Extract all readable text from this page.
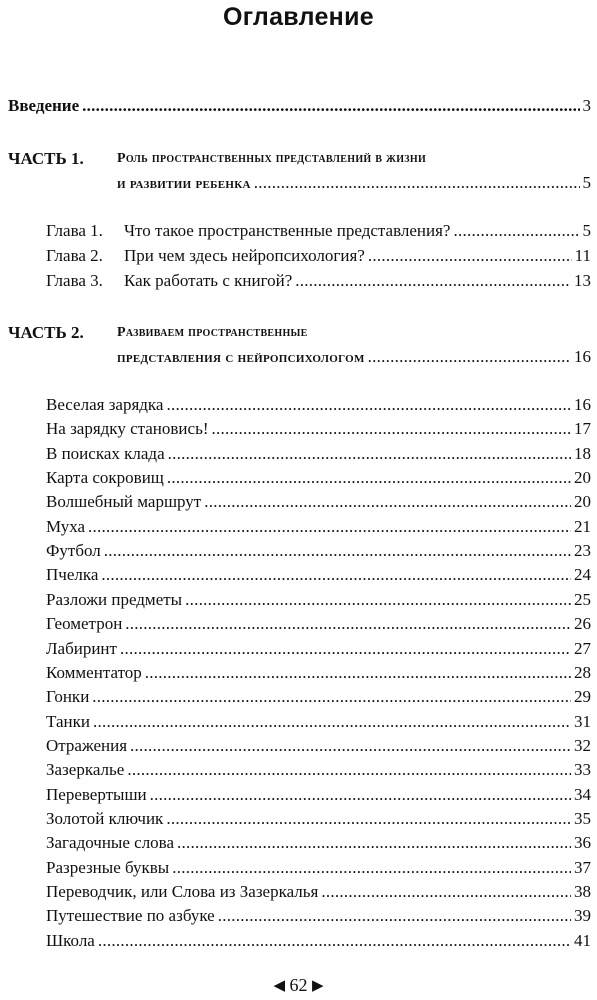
Оглавление
Введение . . .	3
ЧАСТЬ 1. Роль пространственных представлений в жизни
и развитии ребенка . . .	5
Глава 1. Что такое пространственные представления? . . .	5
Глава 2. При чем здесь нейропсихология? . . .	11
Глава 3. Как работать с книгой? . . .	13
ЧАСТЬ 2. Развиваем пространственные
представления с нейропсихологом . . .	16
Веселая зарядка . . .	16
На зарядку становись! . . .	17
В поисках клада . . .	18
Карта сокровищ . . .	20
Волшебный маршрут . . .	20
Муха . . .	21
Футбол . . .	23
Пчелка . . .	24
Разложи предметы . . .	25
Геометрон . . .	26
Лабиринт . . .	27
Комментатор . . .	28
Гонки . . .	29
Танки . . .	31
Отражения . . .	32
Зазеркалье . . .	33
Перевертыши . . .	34
Золотой ключик . . .	35
Загадочные слова . . .	36
Разрезные буквы . . .	37
Переводчик, или Слова из Зазеркалья . . .	38
Путешествие по азбуке . . .	39
Школа . . .	41
◀ 62 ▶
